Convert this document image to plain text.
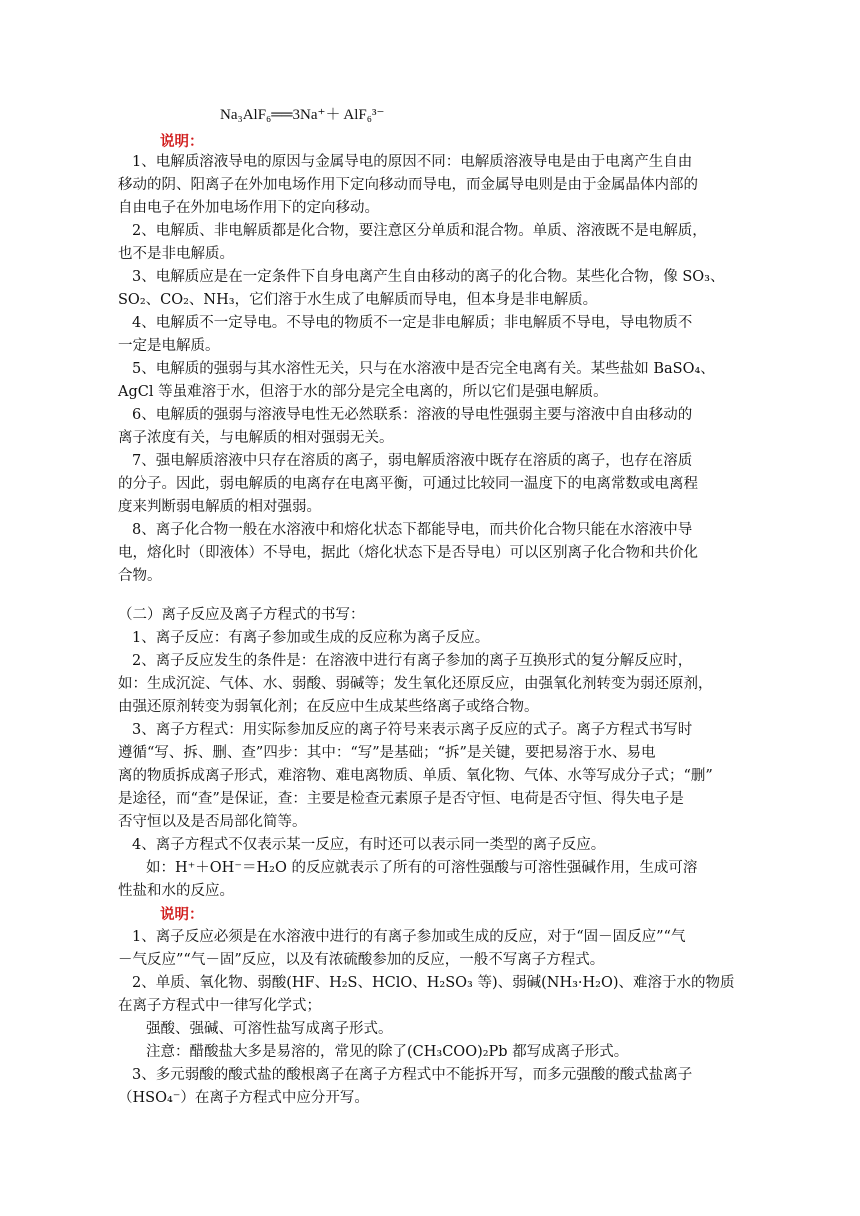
Na₃AlF₆══3Na⁺＋ AlF₆³⁻
说明：
1、电解质溶液导电的原因与金属导电的原因不同：电解质溶液导电是由于电离产生自由
移动的阴、阳离子在外加电场作用下定向移动而导电，而金属导电则是由于金属晶体内部的
自由电子在外加电场作用下的定向移动。
2、电解质、非电解质都是化合物，要注意区分单质和混合物。单质、溶液既不是电解质，
也不是非电解质。
3、电解质应是在一定条件下自身电离产生自由移动的离子的化合物。某些化合物，像 SO₃、
SO₂、CO₂、NH₃，它们溶于水生成了电解质而导电，但本身是非电解质。
4、电解质不一定导电。不导电的物质不一定是非电解质；非电解质不导电，导电物质不
一定是电解质。
5、电解质的强弱与其水溶性无关，只与在水溶液中是否完全电离有关。某些盐如 BaSO₄、
AgCl 等虽难溶于水，但溶于水的部分是完全电离的，所以它们是强电解质。
6、电解质的强弱与溶液导电性无必然联系：溶液的导电性强弱主要与溶液中自由移动的
离子浓度有关，与电解质的相对强弱无关。
7、强电解质溶液中只存在溶质的离子，弱电解质溶液中既存在溶质的离子，也存在溶质
的分子。因此，弱电解质的电离存在电离平衡，可通过比较同一温度下的电离常数或电离程
度来判断弱电解质的相对强弱。
8、离子化合物一般在水溶液中和熔化状态下都能导电，而共价化合物只能在水溶液中导
电，熔化时（即液体）不导电，据此（熔化状态下是否导电）可以区别离子化合物和共价化
合物。
（二）离子反应及离子方程式的书写：
1、离子反应：有离子参加或生成的反应称为离子反应。
2、离子反应发生的条件是：在溶液中进行有离子参加的离子互换形式的复分解反应时，
如：生成沉淀、气体、水、弱酸、弱碱等；发生氧化还原反应，由强氧化剂转变为弱还原剂，
由强还原剂转变为弱氧化剂；在反应中生成某些络离子或络合物。
3、离子方程式：用实际参加反应的离子符号来表示离子反应的式子。离子方程式书写时
遵循“写、拆、删、查”四步：其中：“写”是基础；“拆”是关键，要把易溶于水、易电
离的物质拆成离子形式，难溶物、难电离物质、单质、氧化物、气体、水等写成分子式；“删”
是途径，而“查”是保证，查：主要是检查元素原子是否守恒、电荷是否守恒、得失电子是
否守恒以及是否局部化简等。
4、离子方程式不仅表示某一反应，有时还可以表示同一类型的离子反应。
如：H⁺＋OH⁻＝H₂O 的反应就表示了所有的可溶性强酸与可溶性强碱作用，生成可溶
性盐和水的反应。
说明：
1、离子反应必须是在水溶液中进行的有离子参加或生成的反应，对于“固－固反应”“气
－气反应”“气－固”反应，以及有浓硫酸参加的反应，一般不写离子方程式。
2、单质、氧化物、弱酸(HF、H₂S、HClO、H₂SO₃ 等)、弱碱(NH₃·H₂O)、难溶于水的物质
在离子方程式中一律写化学式；
强酸、强碱、可溶性盐写成离子形式。
注意：醋酸盐大多是易溶的，常见的除了(CH₃COO)₂Pb 都写成离子形式。
3、多元弱酸的酸式盐的酸根离子在离子方程式中不能拆开写，而多元强酸的酸式盐离子
（HSO₄⁻）在离子方程式中应分开写。
